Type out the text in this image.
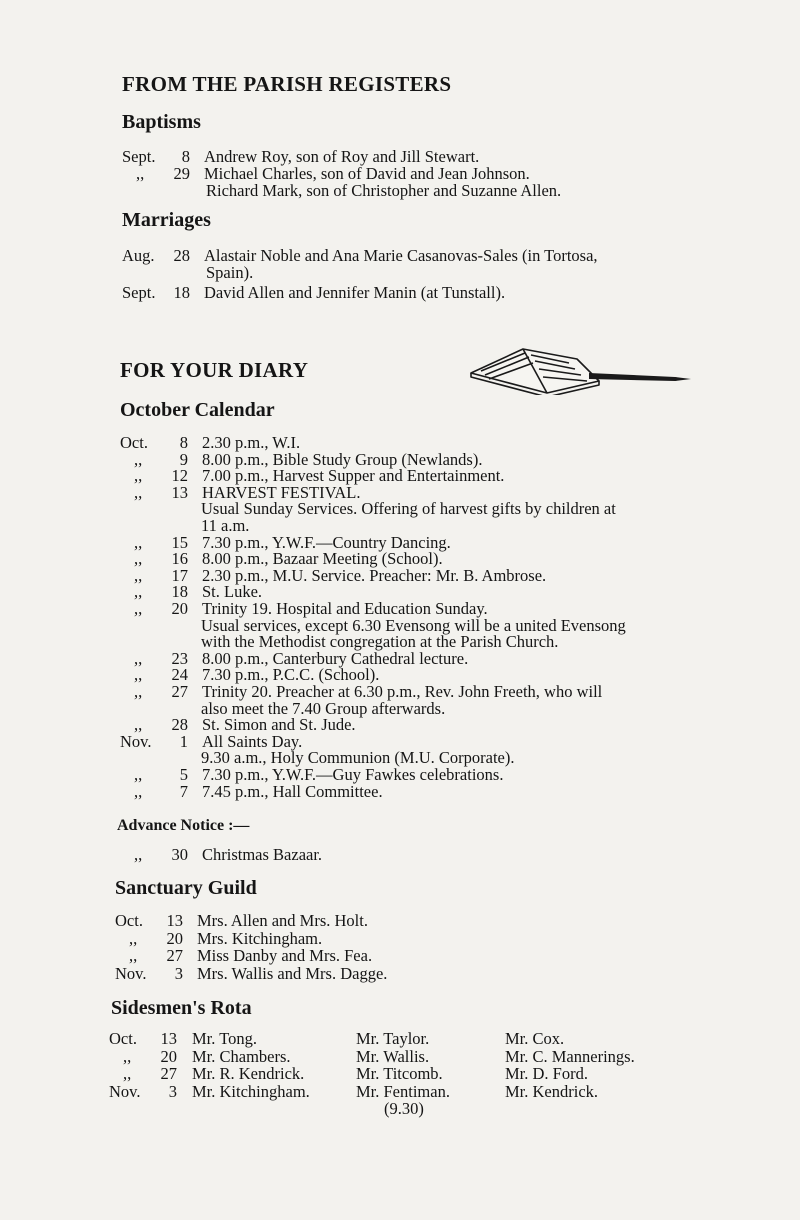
FROM THE PARISH REGISTERS
Baptisms
Sept. 8 Andrew Roy, son of Roy and Jill Stewart.
,, 29 Michael Charles, son of David and Jean Johnson.
Richard Mark, son of Christopher and Suzanne Allen.
Marriages
Aug. 28 Alastair Noble and Ana Marie Casanovas-Sales (in Tortosa,
Spain).
Sept. 18 David Allen and Jennifer Manin (at Tunstall).
FOR YOUR DIARY
October Calendar
Oct. 8 2.30 p.m., W.I.
,, 9 8.00 p.m., Bible Study Group (Newlands).
,, 12 7.00 p.m., Harvest Supper and Entertainment.
,, 13 HARVEST FESTIVAL.
Usual Sunday Services. Offering of harvest gifts by children at
11 a.m.
,, 15 7.30 p.m., Y.W.F.—Country Dancing.
,, 16 8.00 p.m., Bazaar Meeting (School).
,, 17 2.30 p.m., M.U. Service. Preacher: Mr. B. Ambrose.
,, 18 St. Luke.
,, 20 Trinity 19. Hospital and Education Sunday.
Usual services, except 6.30 Evensong will be a united Evensong
with the Methodist congregation at the Parish Church.
,, 23 8.00 p.m., Canterbury Cathedral lecture.
,, 24 7.30 p.m., P.C.C. (School).
,, 27 Trinity 20. Preacher at 6.30 p.m., Rev. John Freeth, who will
also meet the 7.40 Group afterwards.
,, 28 St. Simon and St. Jude.
Nov. 1 All Saints Day.
9.30 a.m., Holy Communion (M.U. Corporate).
,, 5 7.30 p.m., Y.W.F.—Guy Fawkes celebrations.
,, 7 7.45 p.m., Hall Committee.
Advance Notice :—
,, 30 Christmas Bazaar.
Sanctuary Guild
Oct. 13 Mrs. Allen and Mrs. Holt.
,, 20 Mrs. Kitchingham.
,, 27 Miss Danby and Mrs. Fea.
Nov. 3 Mrs. Wallis and Mrs. Dagge.
Sidesmen's Rota
Oct. 13
,, 20
,, 27
Nov. 3
Mr. Tong.
Mr. Chambers.
Mr. R. Kendrick.
Mr. Kitchingham.
Mr. Taylor.
Mr. Wallis.
Mr. Titcomb.
Mr. Fentiman.
(9.30)
Mr. Cox.
Mr. C. Mannerings.
Mr. D. Ford.
Mr. Kendrick.
